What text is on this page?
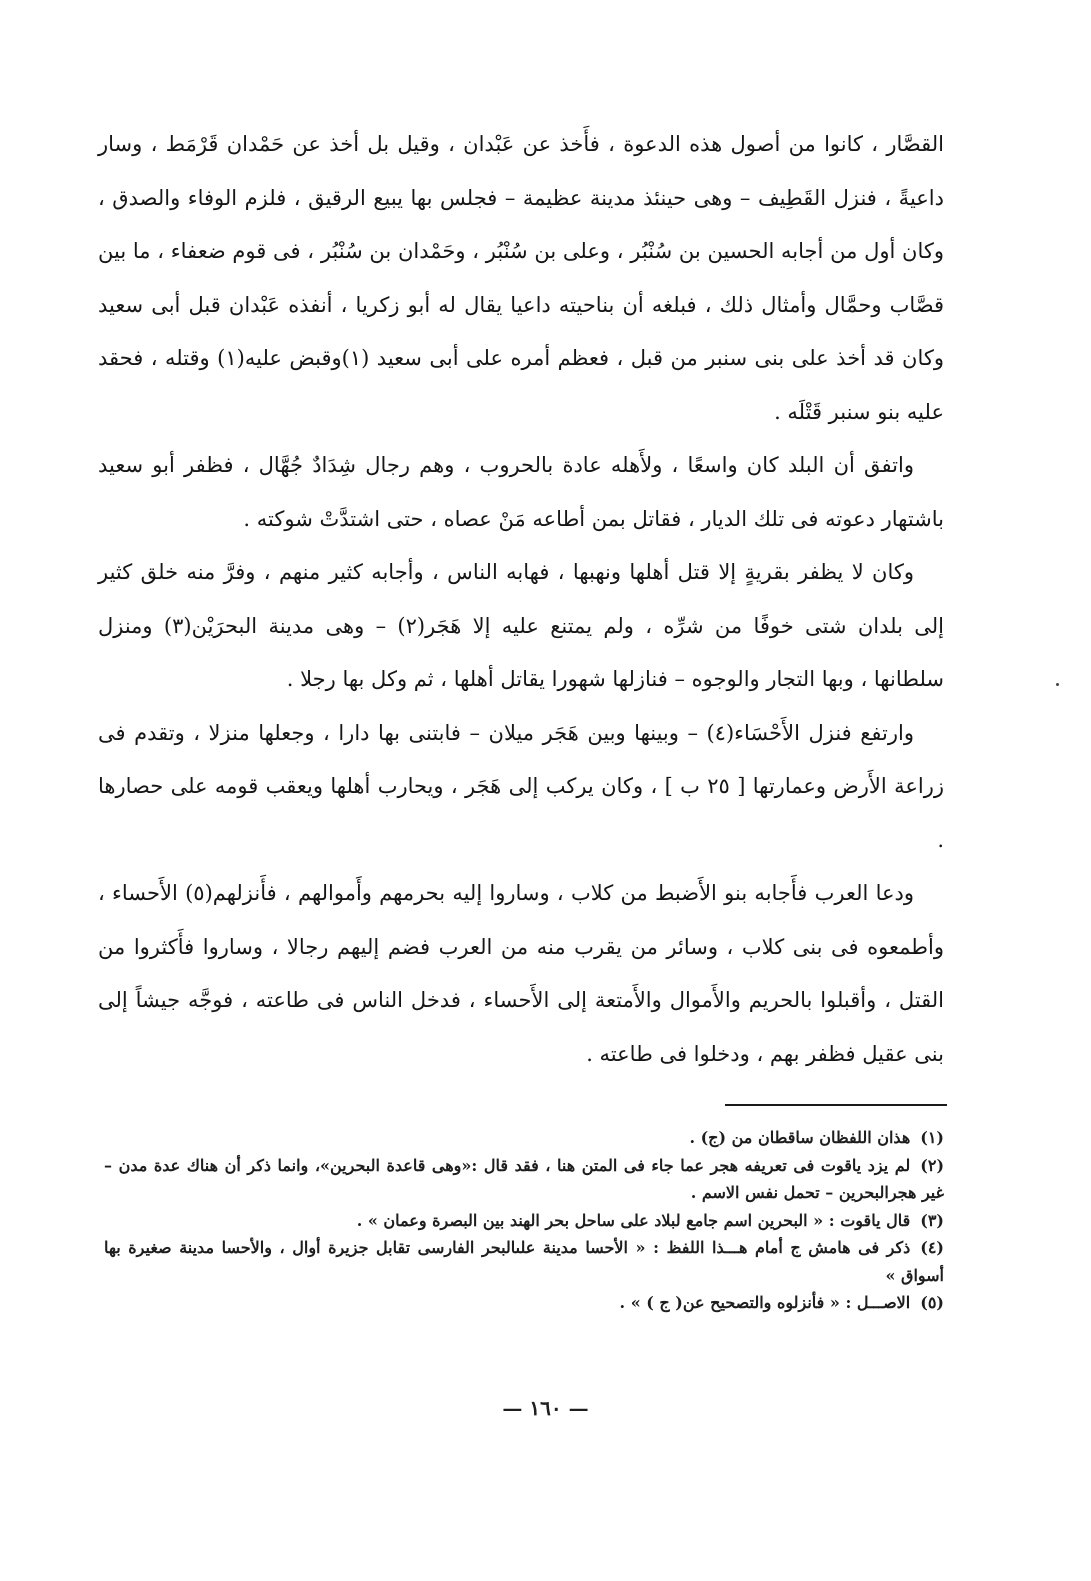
القصَّار ، كانوا من أصول هذه الدعوة ، فأَخذ عن عَبْدان ، وقيل بل أخذ عن حَمْدان قَرْمَط ، وسار داعيةً ، فنزل القَطِيف – وهى حينئذ مدينة عظيمة – فجلس بها يبيع الرقيق ، فلزم الوفاء والصدق ، وكان أول من أجابه الحسين بن سُنْبُر ، وعلى بن سُنْبُر ، وحَمْدان بن سُنْبُر ، فى قوم ضعفاء ، ما بين قصَّاب وحمَّال وأمثال ذلك ، فبلغه أن بناحيته داعيا يقال له أبو زكريا ، أنفذه عَبْدان قبل أبى سعيد وكان قد أخذ على بنى سنبر من قبل ، فعظم أمره على أبى سعيد (١)وقبض عليه(١) وقتله ، فحقد عليه بنو سنبر قَتْلَه .

واتفق أن البلد كان واسعًا ، ولأَهله عادة بالحروب ، وهم رجال شِدَادٌ جُهَّال ، فظفر أبو سعيد باشتهار دعوته فى تلك الديار ، فقاتل بمن أطاعه مَنْ عصاه ، حتى اشتدَّتْ شوكته .

وكان لا يظفر بقريةٍ إلا قتل أهلها ونهبها ، فهابه الناس ، وأجابه كثير منهم ، وفرَّ منه خلق كثير إلى بلدان شتى خوفًا من شرِّه ، ولم يمتنع عليه إلا هَجَر(٢) – وهى مدينة البحرَيْن(٣) ومنزل سلطانها ، وبها التجار والوجوه – فنازلها شهورا يقاتل أهلها ، ثم وكل بها رجلا .

وارتفع فنزل الأَحْسَاء(٤) – وبينها وبين هَجَر ميلان – فابتنى بها دارا ، وجعلها منزلا ، وتقدم فى زراعة الأَرض وعمارتها [ ٢٥ ب ] ، وكان يركب إلى هَجَر ، ويحارب أهلها ويعقب قومه على حصارها .

ودعا العرب فأَجابه بنو الأَضبط من كلاب ، وساروا إليه بحرمهم وأَموالهم ، فأَنزلهم(٥) الأَحساء ، وأطمعوه فى بنى كلاب ، وسائر من يقرب منه من العرب فضم إليهم رجالا ، وساروا فأَكثروا من القتل ، وأقبلوا بالحريم والأَموال والأَمتعة إلى الأَحساء ، فدخل الناس فى طاعته ، فوجَّه جيشاً إلى بنى عقيل فظفر بهم ، ودخلوا فى طاعته .

(١)هذان اللفظان ساقطان من (ج) .

(٢)لم يزد ياقوت فى تعريفه هجر عما جاء فى المتن هنا ، فقد قال :«وهى قاعدة البحرين»، وانما ذكر أن هناك عدة مدن – غير هجرالبحرين – تحمل نفس الاسم .

(٣)قال ياقوت : « البحرين اسم جامع لبلاد على ساحل بحر الهند بين البصرة وعمان » .

(٤)ذكر فى هامش ج أمام هـــذا اللفظ : « الأحسا مدينة علىالبحر الفارسى تقابل جزيرة أوال ، والأحسا مدينة صغيرة بها أسواق »

(٥)الاصـــل : « فأنزلوه والتصحيح عن( ج ) » .

— ١٦٠ —
